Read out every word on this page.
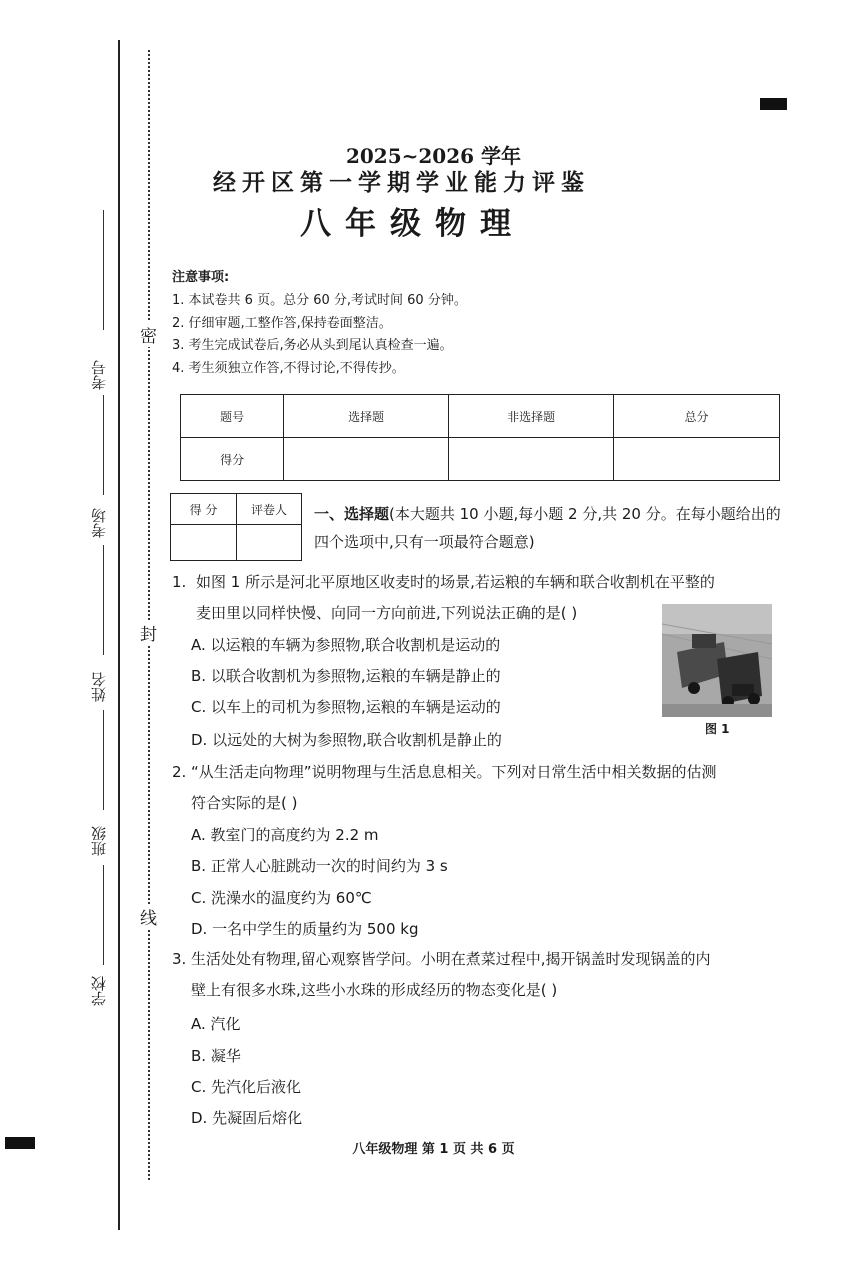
考号
考场
姓名
班级
学校
密
封
线
2025~2026 学年
经开区第一学期学业能力评鉴
八年级物理
注意事项:
1. 本试卷共 6 页。总分 60 分,考试时间 60 分钟。
2. 仔细审题,工整作答,保持卷面整洁。
3. 考生完成试卷后,务必从头到尾认真检查一遍。
4. 考生须独立作答,不得讨论,不得传抄。
题号	选择题	非选择题	总分
得分			
得 分	评卷人
	一、选择题(本大题共 10 小题,每小题 2 分,共 20 分。在每小题给出的四个选项中,只有一项最符合题意)
1. 如图 1 所示是河北平原地区收麦时的场景,若运粮的车辆和联合收割机在平整的
麦田里以同样快慢、向同一方向前进,下列说法正确的是( )
A. 以运粮的车辆为参照物,联合收割机是运动的
B. 以联合收割机为参照物,运粮的车辆是静止的
C. 以车上的司机为参照物,运粮的车辆是运动的
D. 以远处的大树为参照物,联合收割机是静止的
图 1
2. “从生活走向物理”说明物理与生活息息相关。下列对日常生活中相关数据的估测
符合实际的是( )
A. 教室门的高度约为 2.2 m
B. 正常人心脏跳动一次的时间约为 3 s
C. 洗澡水的温度约为 60℃
D. 一名中学生的质量约为 500 kg
3. 生活处处有物理,留心观察皆学问。小明在煮菜过程中,揭开锅盖时发现锅盖的内
壁上有很多水珠,这些小水珠的形成经历的物态变化是( )
A. 汽化
B. 凝华
C. 先汽化后液化
D. 先凝固后熔化
八年级物理 第 1 页 共 6 页
